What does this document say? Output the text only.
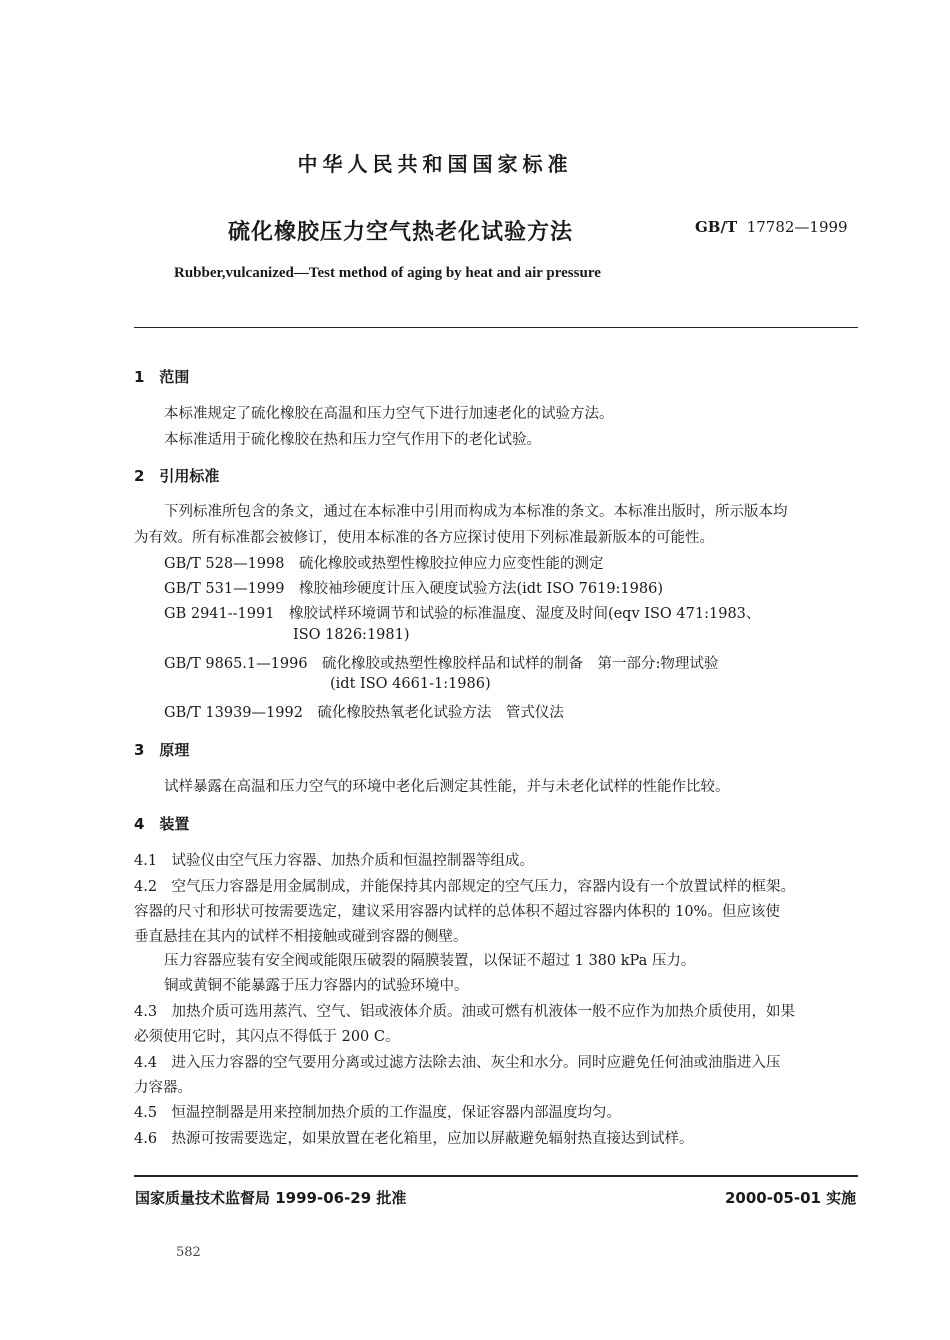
中华人民共和国国家标准
硫化橡胶压力空气热老化试验方法	GB/T 17782—1999
Rubber,vulcanized—Test method of aging by heat and air pressure
1　范围
本标准规定了硫化橡胶在高温和压力空气下进行加速老化的试验方法。
本标准适用于硫化橡胶在热和压力空气作用下的老化试验。
2　引用标准
下列标准所包含的条文，通过在本标准中引用而构成为本标准的条文。本标准出版时，所示版本均
为有效。所有标准都会被修订，使用本标准的各方应探讨使用下列标准最新版本的可能性。
GB/T 528—1998　硫化橡胶或热塑性橡胶拉伸应力应变性能的测定
GB/T 531—1999　橡胶袖珍硬度计压入硬度试验方法(idt ISO 7619:1986)
GB 2941--1991　橡胶试样环境调节和试验的标准温度、湿度及时间(eqv ISO 471:1983、
ISO 1826:1981)
GB/T 9865.1—1996　硫化橡胶或热塑性橡胶样品和试样的制备　第一部分:物理试验
(idt ISO 4661-1:1986)
GB/T 13939—1992　硫化橡胶热氧老化试验方法　管式仪法
3　原理
试样暴露在高温和压力空气的环境中老化后测定其性能，并与未老化试样的性能作比较。
4　装置
4.1　试验仪由空气压力容器、加热介质和恒温控制器等组成。
4.2　空气压力容器是用金属制成，并能保持其内部规定的空气压力，容器内设有一个放置试样的框架。
容器的尺寸和形状可按需要选定，建议采用容器内试样的总体积不超过容器内体积的 10%。但应该使
垂直悬挂在其内的试样不相接触或碰到容器的侧壁。
压力容器应装有安全阀或能限压破裂的隔膜装置，以保证不超过 1 380 kPa 压力。
铜或黄铜不能暴露于压力容器内的试验环境中。
4.3　加热介质可选用蒸汽、空气、铝或液体介质。油或可燃有机液体一般不应作为加热介质使用，如果
必须使用它时，其闪点不得低于 200 C。
4.4　进入压力容器的空气要用分离或过滤方法除去油、灰尘和水分。同时应避免任何油或油脂进入压
力容器。
4.5　恒温控制器是用来控制加热介质的工作温度，保证容器内部温度均匀。
4.6　热源可按需要选定，如果放置在老化箱里，应加以屏蔽避免辐射热直接达到试样。
国家质量技术监督局 1999-06-29 批准	2000-05-01 实施
582
